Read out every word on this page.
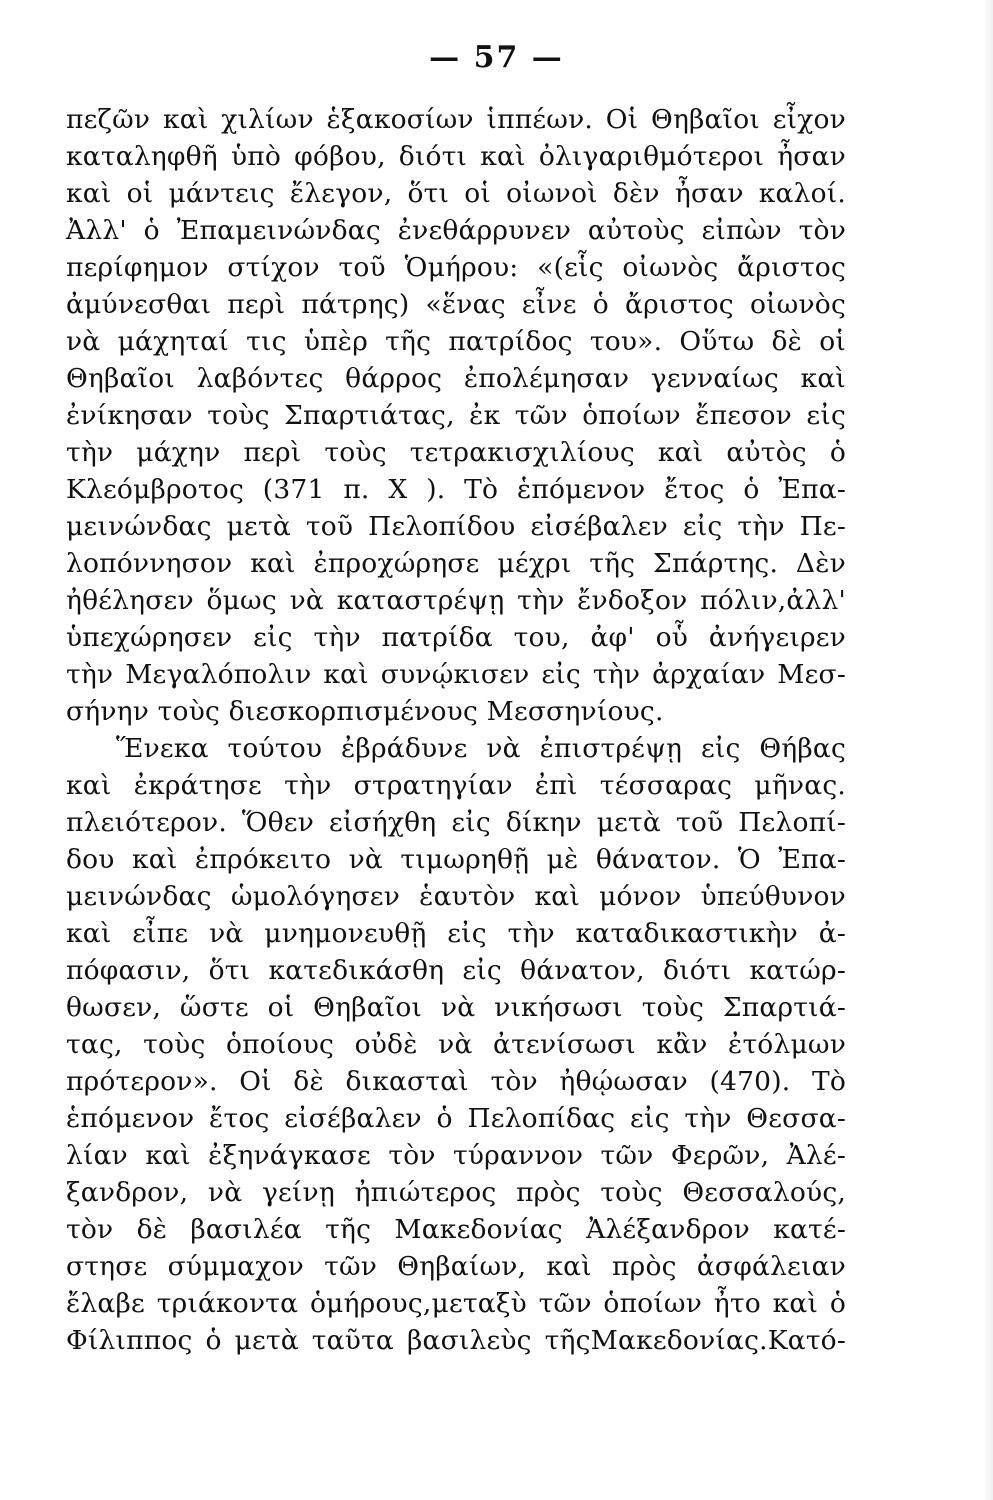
— 57 —
πεζῶν καὶ χιλίων ἑξακοσίων ἱππέων. Οἱ Θηβαῖοι εἶχον
καταληφθῆ ὑπὸ φόβου, διότι καὶ ὀλιγαριθμότεροι ἦσαν
καὶ οἱ μάντεις ἔλεγον, ὅτι οἱ οἰωνοὶ δὲν ἦσαν καλοί.
Ἀλλ' ὁ Ἐπαμεινώνδας ἐνεθάρρυνεν αὐτοὺς εἰπὼν τὸν
περίφημον στίχον τοῦ Ὁμήρου: «(εἷς οἰωνὸς ἄριστος
ἀμύνεσθαι περὶ πάτρης) «ἕνας εἶνε ὁ ἄριστος οἰωνὸς
νὰ μάχηταί τις ὑπὲρ τῆς πατρίδος του». Οὕτω δὲ οἱ
Θηβαῖοι λαβόντες θάρρος ἐπολέμησαν γενναίως καὶ
ἐνίκησαν τοὺς Σπαρτιάτας, ἐκ τῶν ὁποίων ἔπεσον εἰς
τὴν μάχην περὶ τοὺς τετρακισχιλίους καὶ αὐτὸς ὁ
Κλεόμβροτος (371 π. Χ ). Τὸ ἑπόμενον ἔτος ὁ Ἐπα-
μεινώνδας μετὰ τοῦ Πελοπίδου εἰσέβαλεν εἰς τὴν Πε-
λοπόννησον καὶ ἐπροχώρησε μέχρι τῆς Σπάρτης. Δὲν
ἠθέλησεν ὅμως νὰ καταστρέψῃ τὴν ἔνδοξον πόλιν,ἀλλ'
ὑπεχώρησεν εἰς τὴν πατρίδα του, ἀφ' οὗ ἀνήγειρεν
τὴν Μεγαλόπολιν καὶ συνῴκισεν εἰς τὴν ἀρχαίαν Μεσ-
σήνην τοὺς διεσκορπισμένους Μεσσηνίους.
Ἕνεκα τούτου ἐβράδυνε νὰ ἐπιστρέψῃ εἰς Θήβας
καὶ ἐκράτησε τὴν στρατηγίαν ἐπὶ τέσσαρας μῆνας.
πλειότερον. Ὅθεν εἰσήχθη εἰς δίκην μετὰ τοῦ Πελοπί-
δου καὶ ἐπρόκειτο νὰ τιμωρηθῇ μὲ θάνατον. Ὁ Ἐπα-
μεινώνδας ὡμολόγησεν ἑαυτὸν καὶ μόνον ὑπεύθυνον
καὶ εἶπε νὰ μνημονευθῇ εἰς τὴν καταδικαστικὴν ἀ-
πόφασιν, ὅτι κατεδικάσθη εἰς θάνατον, διότι κατώρ-
θωσεν, ὥστε οἱ Θηβαῖοι νὰ νικήσωσι τοὺς Σπαρτιά-
τας, τοὺς ὁποίους οὐδὲ νὰ ἀτενίσωσι κἂν ἐτόλμων
πρότερον». Οἱ δὲ δικασταὶ τὸν ἠθῴωσαν (470). Τὸ
ἑπόμενον ἔτος εἰσέβαλεν ὁ Πελοπίδας εἰς τὴν Θεσσα-
λίαν καὶ ἐξηνάγκασε τὸν τύραννον τῶν Φερῶν, Ἀλέ-
ξανδρον, νὰ γείνῃ ἠπιώτερος πρὸς τοὺς Θεσσαλούς,
τὸν δὲ βασιλέα τῆς Μακεδονίας Ἀλέξανδρον κατέ-
στησε σύμμαχον τῶν Θηβαίων, καὶ πρὸς ἀσφάλειαν
ἔλαβε τριάκοντα ὁμήρους,μεταξὺ τῶν ὁποίων ἦτο καὶ ὁ
Φίλιππος ὁ μετὰ ταῦτα βασιλεὺς τῆςΜακεδονίας.Κατό-
